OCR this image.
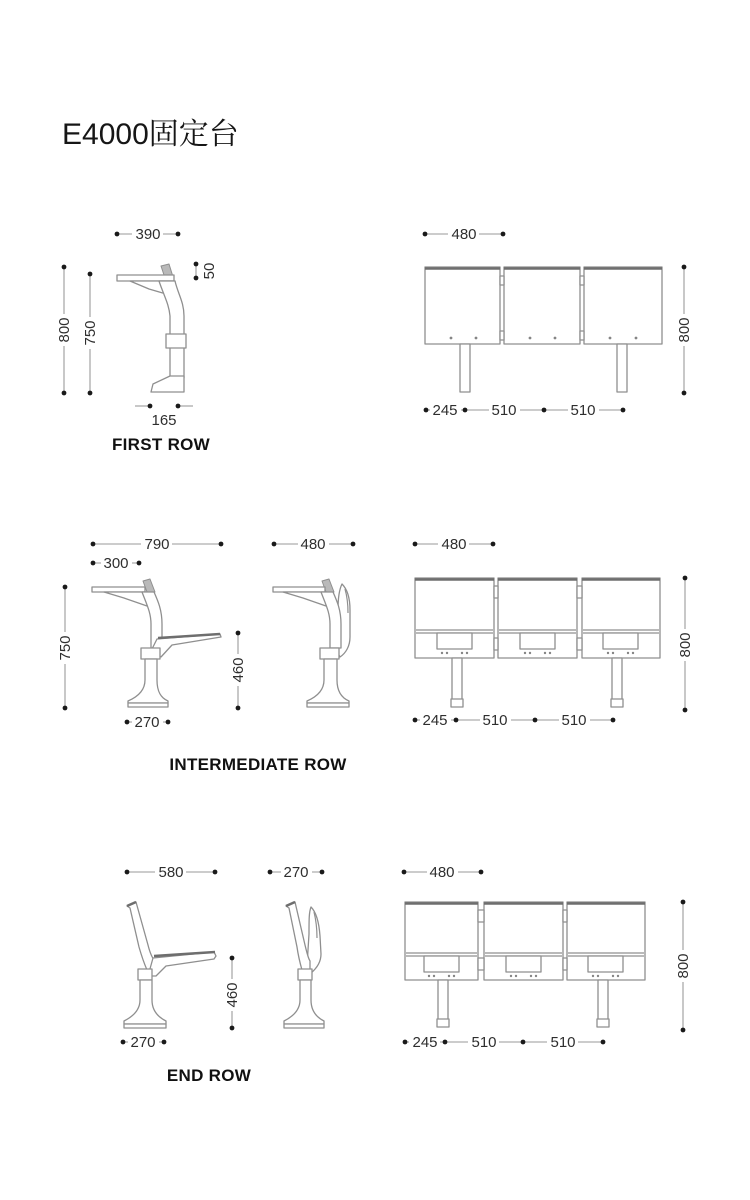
E4000固定台
390
800 750
50
165
480
800
245 510	510
FIRST ROW
790
300
750
460
270
480	480
800
245 510	510
INTERMEDIATE ROW
580
460
270
270	480
800
245 510	510
END ROW
